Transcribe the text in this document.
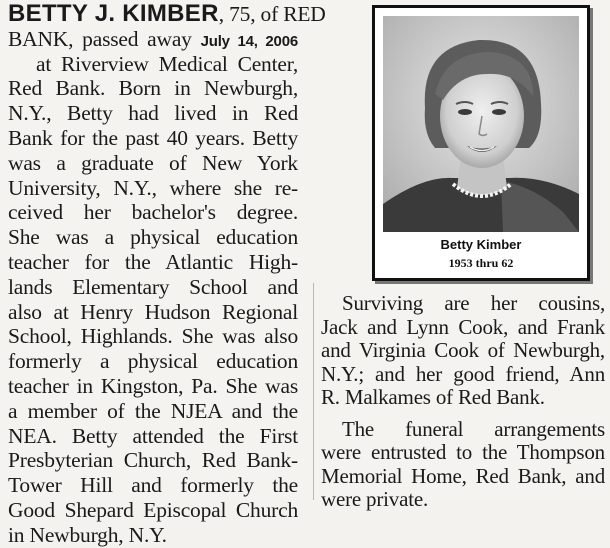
BETTY J. KIMBER, 75, of RED
BANK, passed away July 14, 2006
at Riverview Medical Center,
Red Bank. Born in Newburgh,
N.Y., Betty had lived in Red
Bank for the past 40 years. Betty
was a graduate of New York
University, N.Y., where she re-
ceived her bachelor's degree.
She was a physical education
teacher for the Atlantic High-
lands Elementary School and
also at Henry Hudson Regional
School, Highlands. She was also
formerly a physical education
teacher in Kingston, Pa. She was
a member of the NJEA and the
NEA. Betty attended the First
Presbyterian Church, Red Bank-
Tower Hill and formerly the
Good Shepard Episcopal Church
in Newburgh, N.Y.
Betty Kimber
1953 thru 62
Surviving are her cousins,
Jack and Lynn Cook, and Frank
and Virginia Cook of Newburgh,
N.Y.; and her good friend, Ann
R. Malkames of Red Bank.
The funeral arrangements
were entrusted to the Thompson
Memorial Home, Red Bank, and
were private.
